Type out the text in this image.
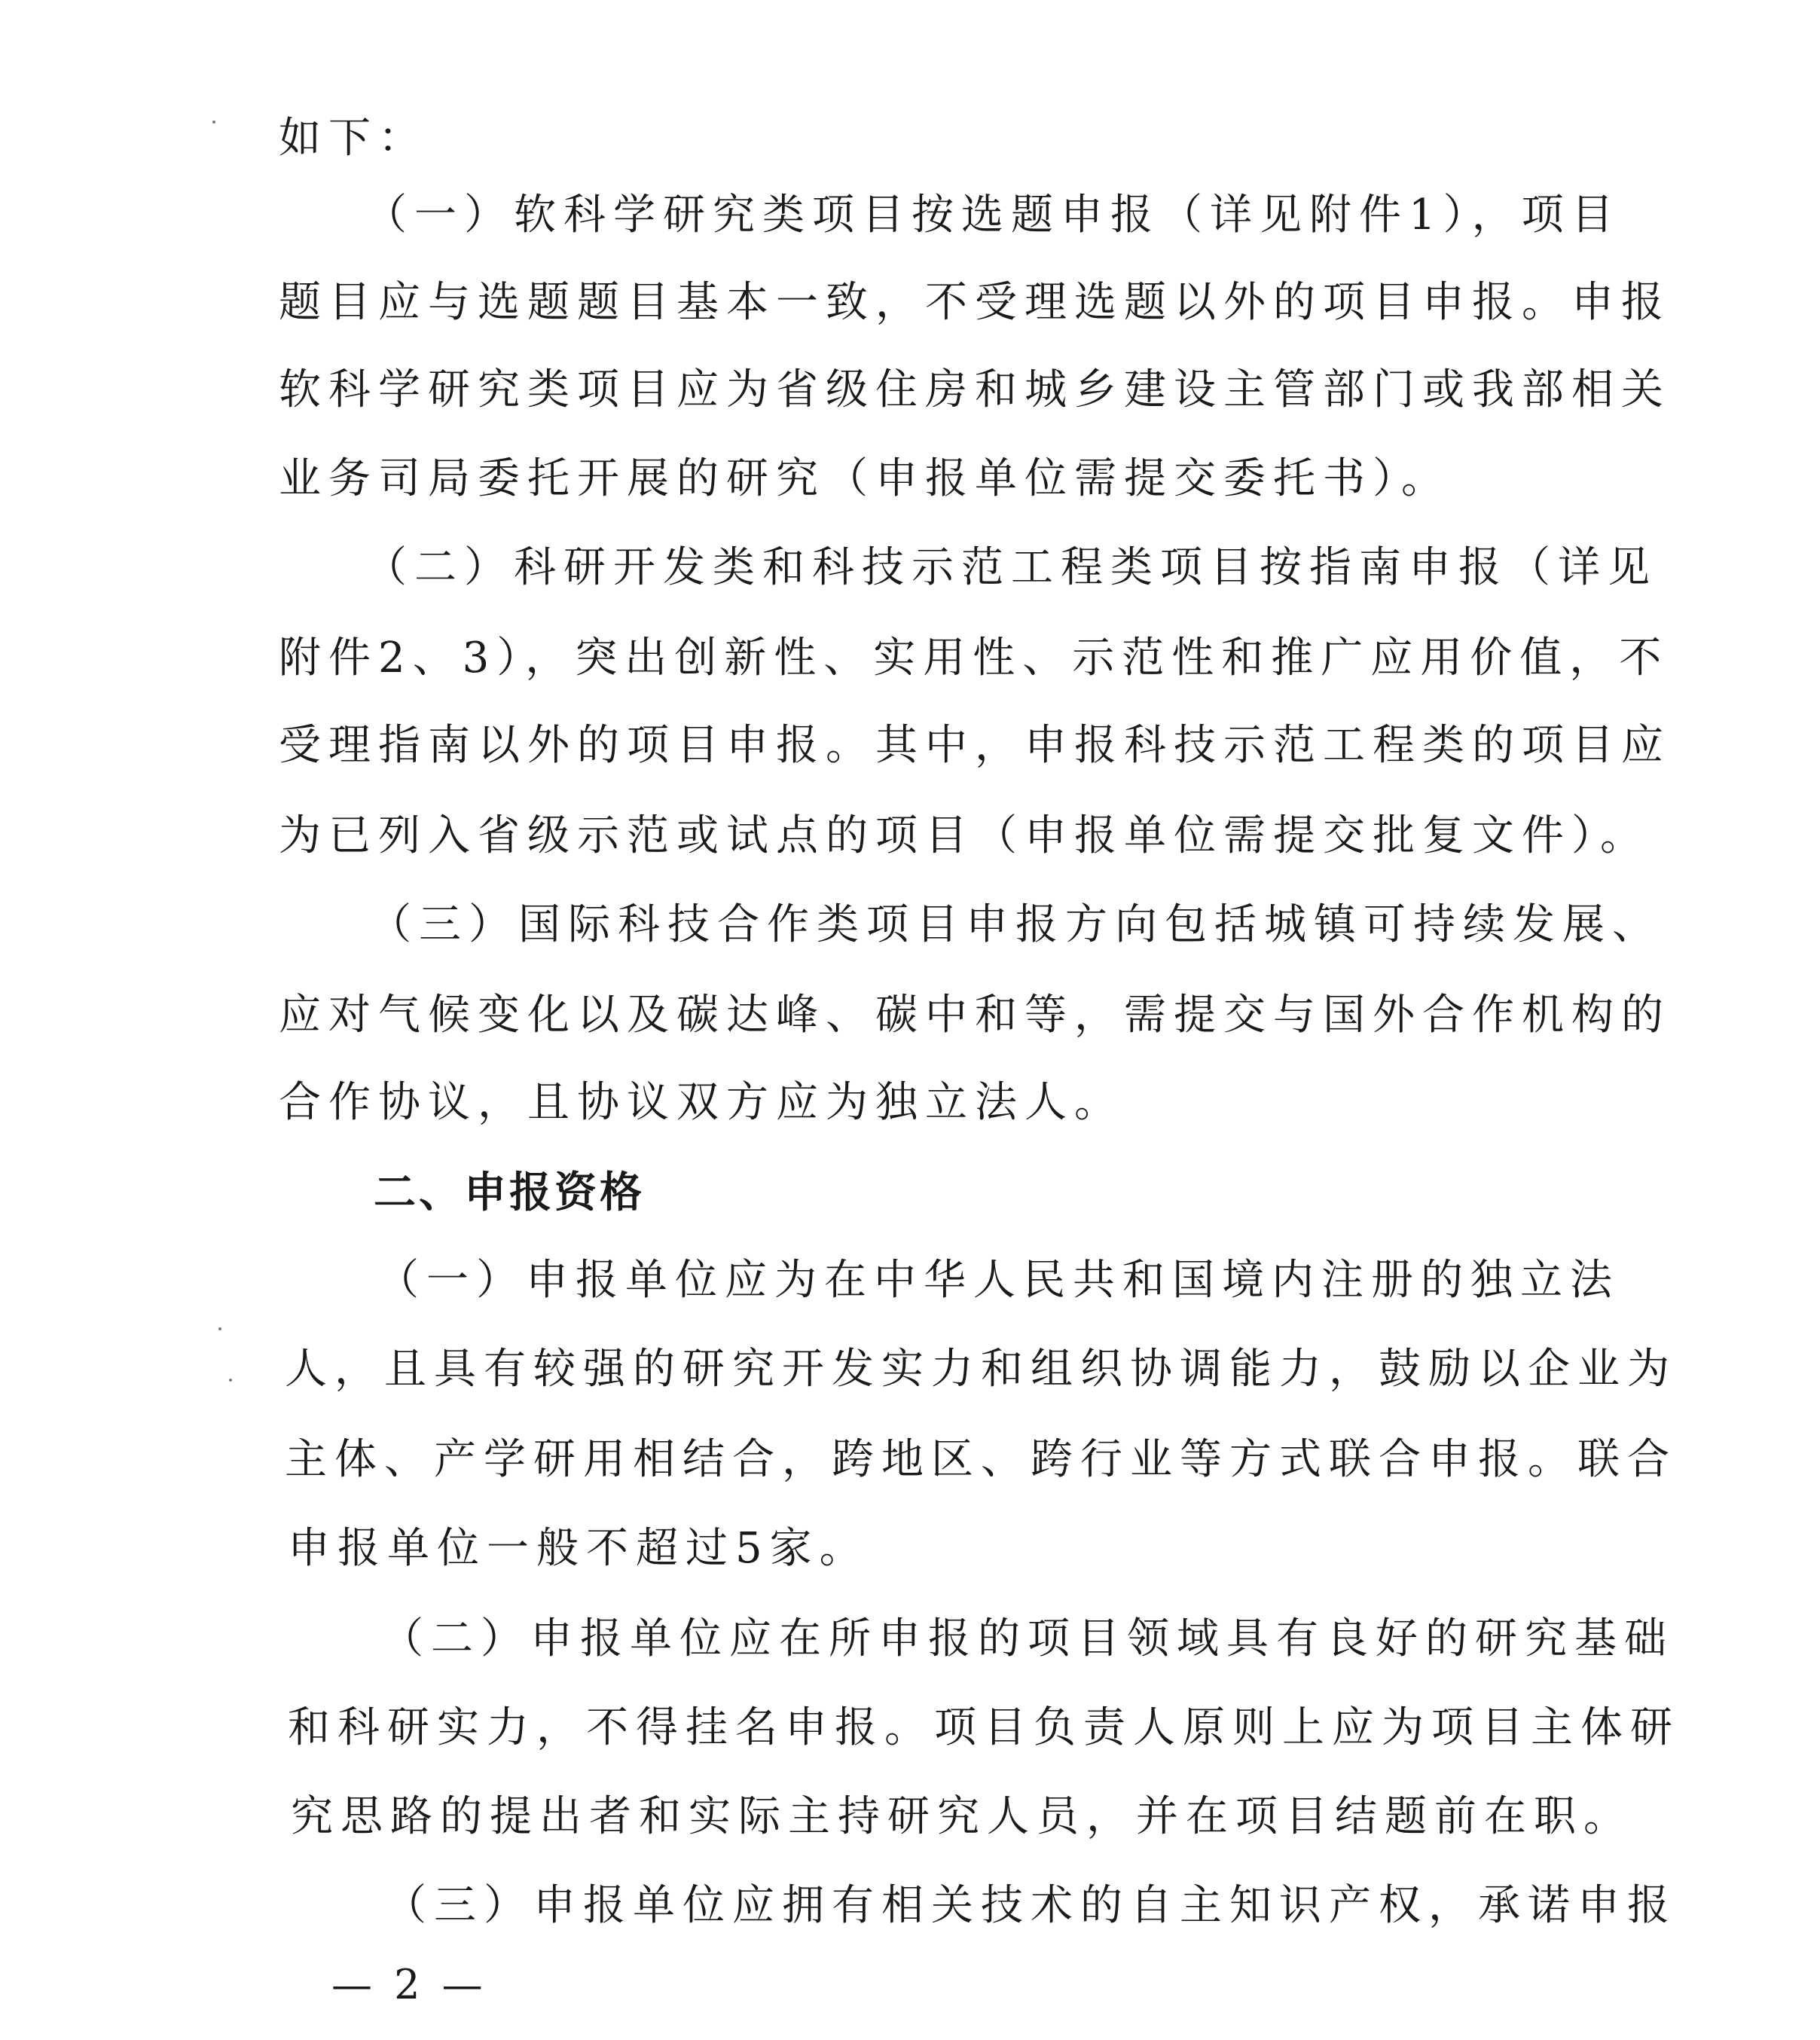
如下：
（一）软科学研究类项目按选题申报（详见附件1），项目
题目应与选题题目基本一致，不受理选题以外的项目申报。申报
软科学研究类项目应为省级住房和城乡建设主管部门或我部相关
业务司局委托开展的研究（申报单位需提交委托书）。
（二）科研开发类和科技示范工程类项目按指南申报（详见
附件2、3），突出创新性、实用性、示范性和推广应用价值，不
受理指南以外的项目申报。其中，申报科技示范工程类的项目应
为已列入省级示范或试点的项目（申报单位需提交批复文件）。
（三）国际科技合作类项目申报方向包括城镇可持续发展、
应对气候变化以及碳达峰、碳中和等，需提交与国外合作机构的
合作协议，且协议双方应为独立法人。
二、申报资格
（一）申报单位应为在中华人民共和国境内注册的独立法
人，且具有较强的研究开发实力和组织协调能力，鼓励以企业为
主体、产学研用相结合，跨地区、跨行业等方式联合申报。联合
申报单位一般不超过5家。
（二）申报单位应在所申报的项目领域具有良好的研究基础
和科研实力，不得挂名申报。项目负责人原则上应为项目主体研
究思路的提出者和实际主持研究人员，并在项目结题前在职。
（三）申报单位应拥有相关技术的自主知识产权，承诺申报
— 2 —
